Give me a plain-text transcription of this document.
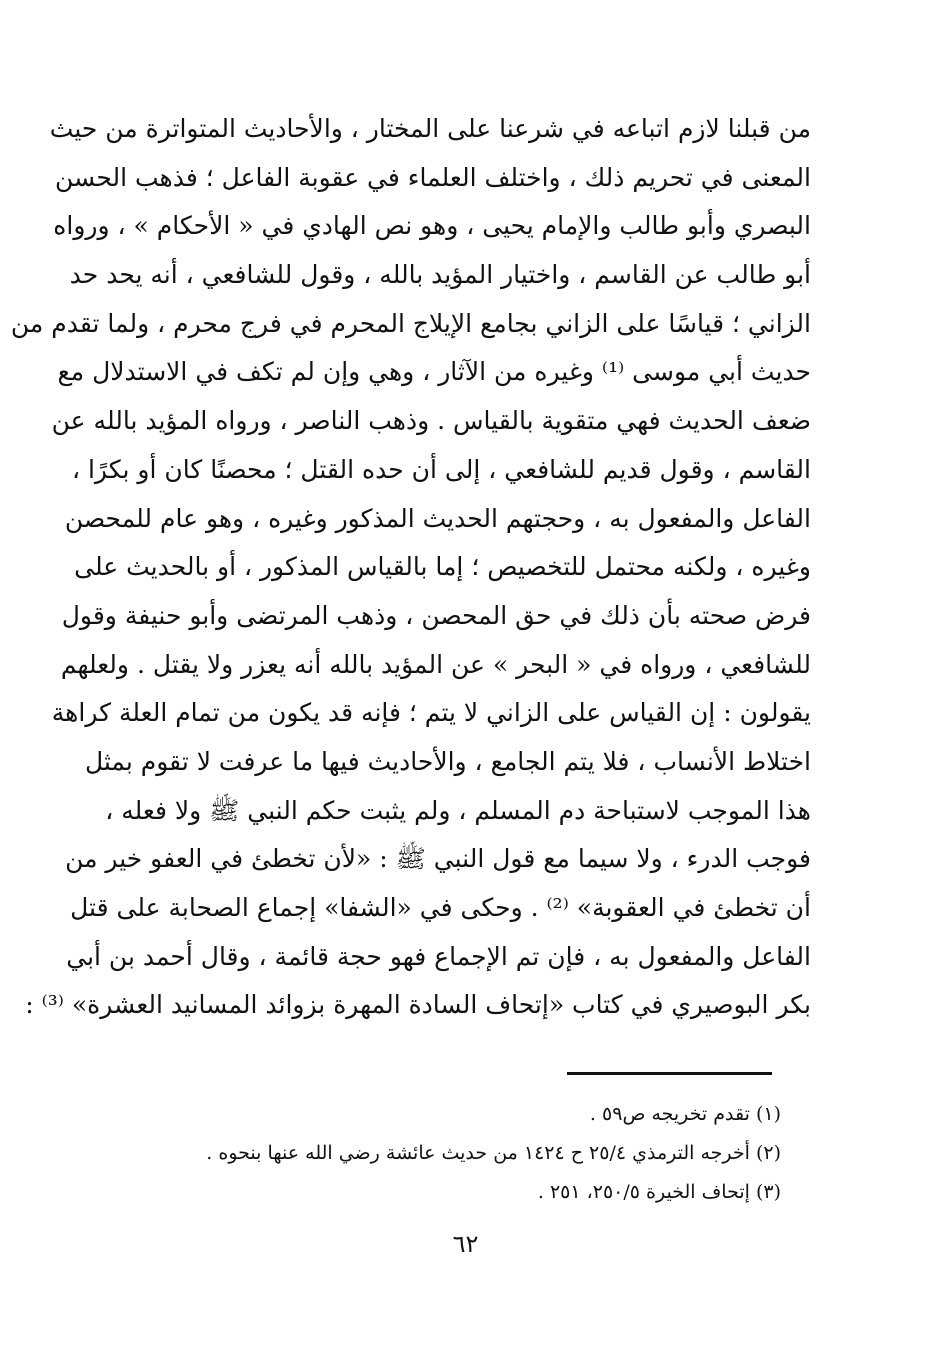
من قبلنا لازم اتباعه في شرعنا على المختار ، والأحاديث المتواترة من حيث
المعنى في تحريم ذلك ، واختلف العلماء في عقوبة الفاعل ؛ فذهب الحسن
البصري وأبو طالب والإمام يحيى ، وهو نص الهادي في « الأحكام » ، ورواه
أبو طالب عن القاسم ، واختيار المؤيد بالله ، وقول للشافعي ، أنه يحد حد
الزاني ؛ قياسًا على الزاني بجامع الإيلاج المحرم في فرج محرم ، ولما تقدم من
حديث أبي موسى ⁽¹⁾ وغيره من الآثار ، وهي وإن لم تكف في الاستدلال مع
ضعف الحديث فهي متقوية بالقياس . وذهب الناصر ، ورواه المؤيد بالله عن
القاسم ، وقول قديم للشافعي ، إلى أن حده القتل ؛ محصنًا كان أو بكرًا ،
الفاعل والمفعول به ، وحجتهم الحديث المذكور وغيره ، وهو عام للمحصن
وغيره ، ولكنه محتمل للتخصيص ؛ إما بالقياس المذكور ، أو بالحديث على
فرض صحته بأن ذلك في حق المحصن ، وذهب المرتضى وأبو حنيفة وقول
للشافعي ، ورواه في « البحر » عن المؤيد بالله أنه يعزر ولا يقتل . ولعلهم
يقولون : إن القياس على الزاني لا يتم ؛ فإنه قد يكون من تمام العلة كراهة
اختلاط الأنساب ، فلا يتم الجامع ، والأحاديث فيها ما عرفت لا تقوم بمثل
هذا الموجب لاستباحة دم المسلم ، ولم يثبت حكم النبي ﷺ ولا فعله ،
فوجب الدرء ، ولا سيما مع قول النبي ﷺ : «لأن تخطئ في العفو خير من
أن تخطئ في العقوبة» ⁽²⁾ . وحكى في «الشفا» إجماع الصحابة على قتل
الفاعل والمفعول به ، فإن تم الإجماع فهو حجة قائمة ، وقال أحمد بن أبي
بكر البوصيري في كتاب «إتحاف السادة المهرة بزوائد المسانيد العشرة» ⁽³⁾ :
(١) تقدم تخريجه ص٥٩ .
(٢) أخرجه الترمذي ٢٥/٤ ح ١٤٢٤ من حديث عائشة رضي الله عنها بنحوه .
(٣) إتحاف الخيرة ٢٥٠/٥، ٢٥١ .
٦٢
